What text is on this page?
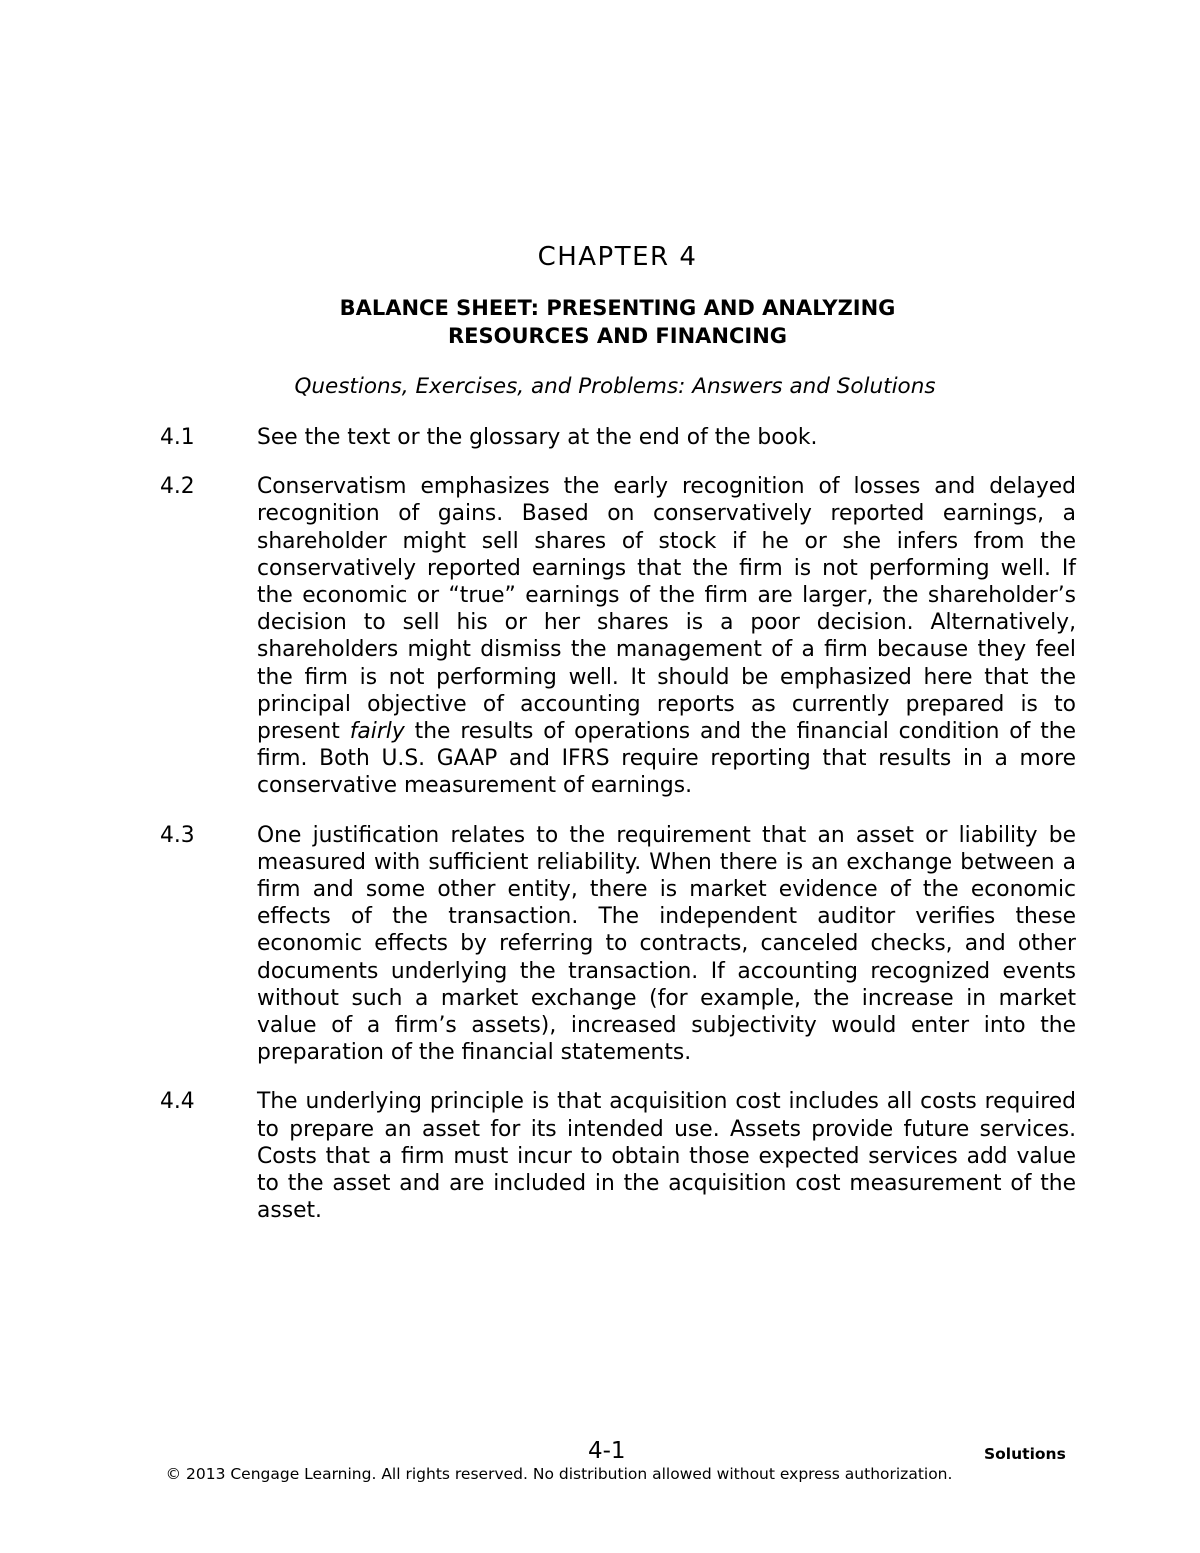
CHAPTER 4
BALANCE SHEET: PRESENTING AND ANALYZING
RESOURCES AND FINANCING
Questions, Exercises, and Problems: Answers and Solutions
4.1	See the text or the glossary at the end of the book.
4.2	Conservatism emphasizes the early recognition of losses and delayed recognition of gains. Based on conservatively reported earnings, a shareholder might sell shares of stock if he or she infers from the conservatively reported earnings that the firm is not performing well. If the economic or “true” earnings of the firm are larger, the shareholder’s decision to sell his or her shares is a poor decision. Alternatively, shareholders might dismiss the management of a firm because they feel the firm is not performing well. It should be emphasized here that the principal objective of accounting reports as currently prepared is to present fairly the results of operations and the financial condition of the firm. Both U.S. GAAP and IFRS require reporting that results in a more conservative measurement of earnings.
4.3	One justification relates to the requirement that an asset or liability be measured with sufficient reliability. When there is an exchange between a firm and some other entity, there is market evidence of the economic effects of the transaction. The independent auditor verifies these economic effects by referring to contracts, canceled checks, and other documents underlying the transaction. If accounting recognized events without such a market exchange (for example, the increase in market value of a firm’s assets), increased subjectivity would enter into the preparation of the financial statements.
4.4	The underlying principle is that acquisition cost includes all costs required to prepare an asset for its intended use. Assets provide future services. Costs that a firm must incur to obtain those expected services add value to the asset and are included in the acquisition cost measurement of the asset.
4-1	Solutions
© 2013 Cengage Learning. All rights reserved. No distribution allowed without express authorization.
